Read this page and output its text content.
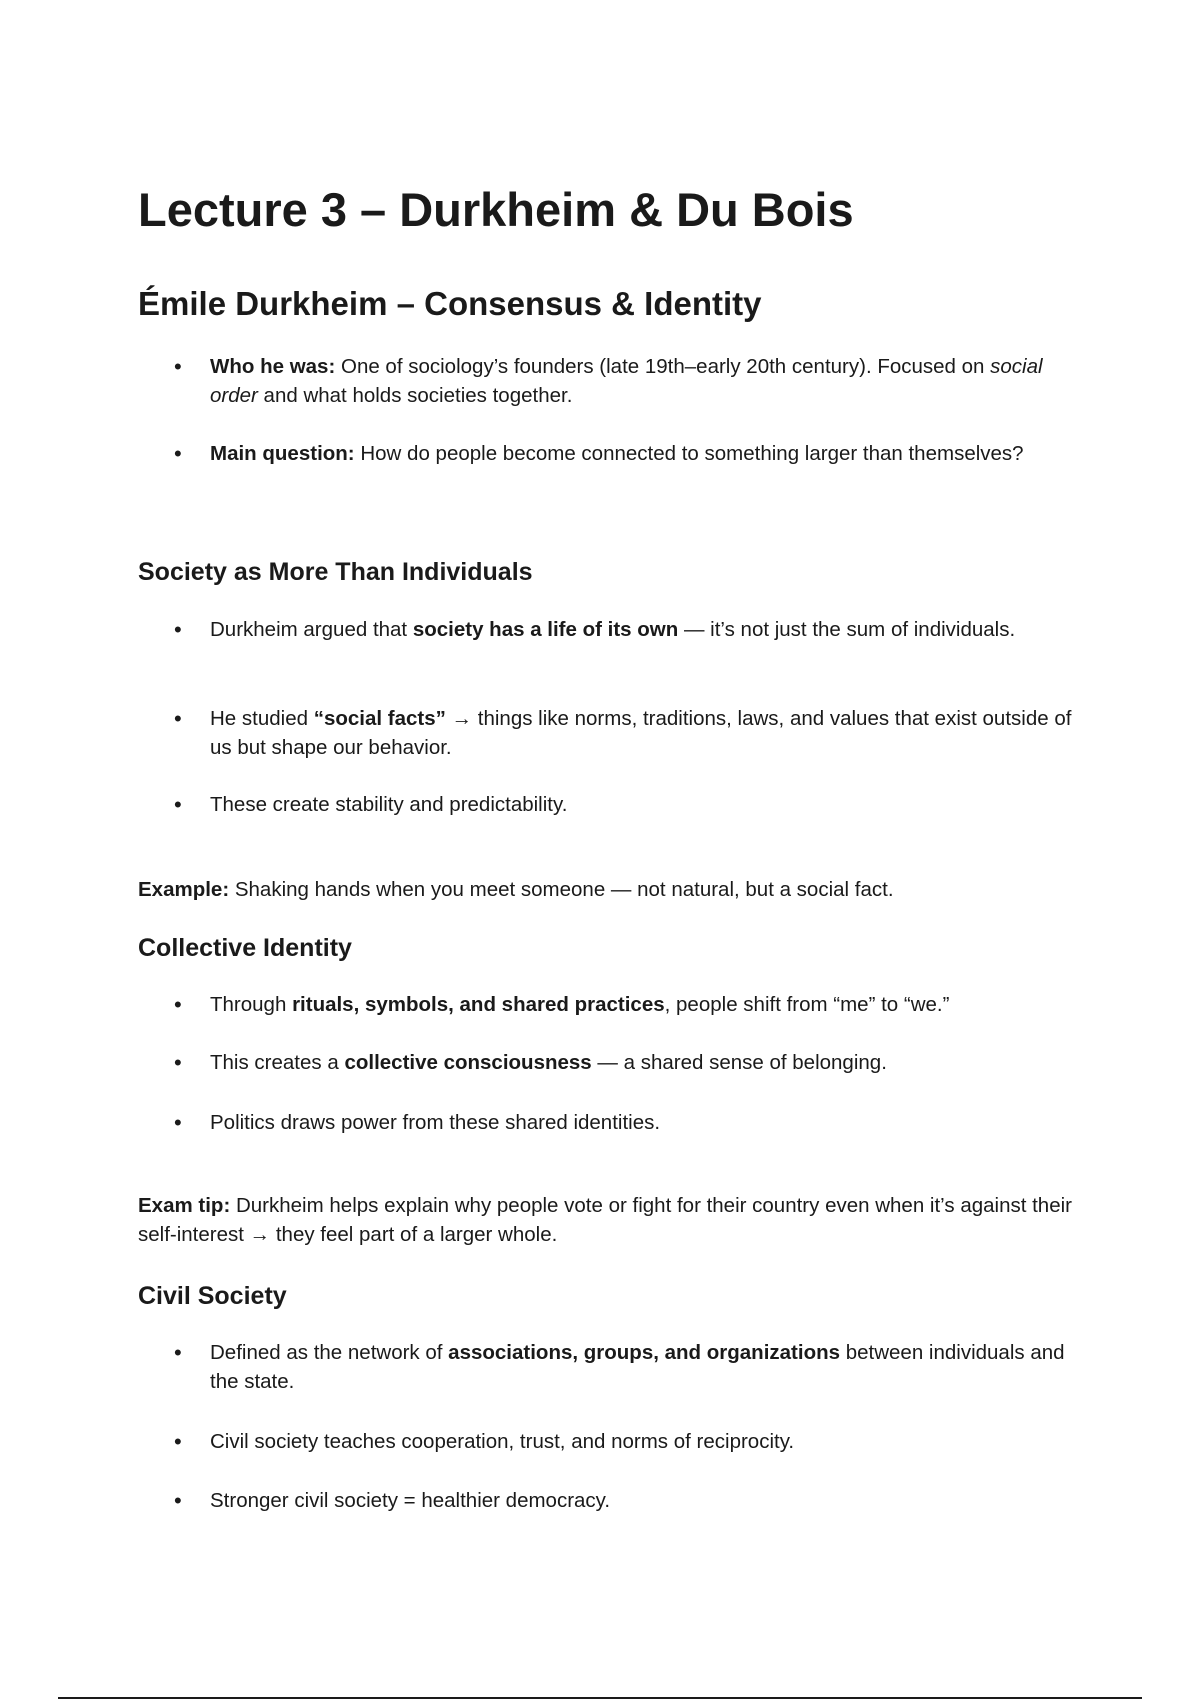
Lecture 3 – Durkheim & Du Bois
Émile Durkheim – Consensus & Identity
• Who he was: One of sociology’s founders (late 19th–early 20th century). Focused on social order and what holds societies together.
• Main question: How do people become connected to something larger than themselves?
Society as More Than Individuals
• Durkheim argued that society has a life of its own — it’s not just the sum of individuals.
• He studied “social facts” → things like norms, traditions, laws, and values that exist outside of us but shape our behavior.
• These create stability and predictability.
Example: Shaking hands when you meet someone — not natural, but a social fact.
Collective Identity
• Through rituals, symbols, and shared practices, people shift from “me” to “we.”
• This creates a collective consciousness — a shared sense of belonging.
• Politics draws power from these shared identities.
Exam tip: Durkheim helps explain why people vote or fight for their country even when it’s against their self-interest → they feel part of a larger whole.
Civil Society
• Defined as the network of associations, groups, and organizations between individuals and the state.
• Civil society teaches cooperation, trust, and norms of reciprocity.
• Stronger civil society = healthier democracy.
